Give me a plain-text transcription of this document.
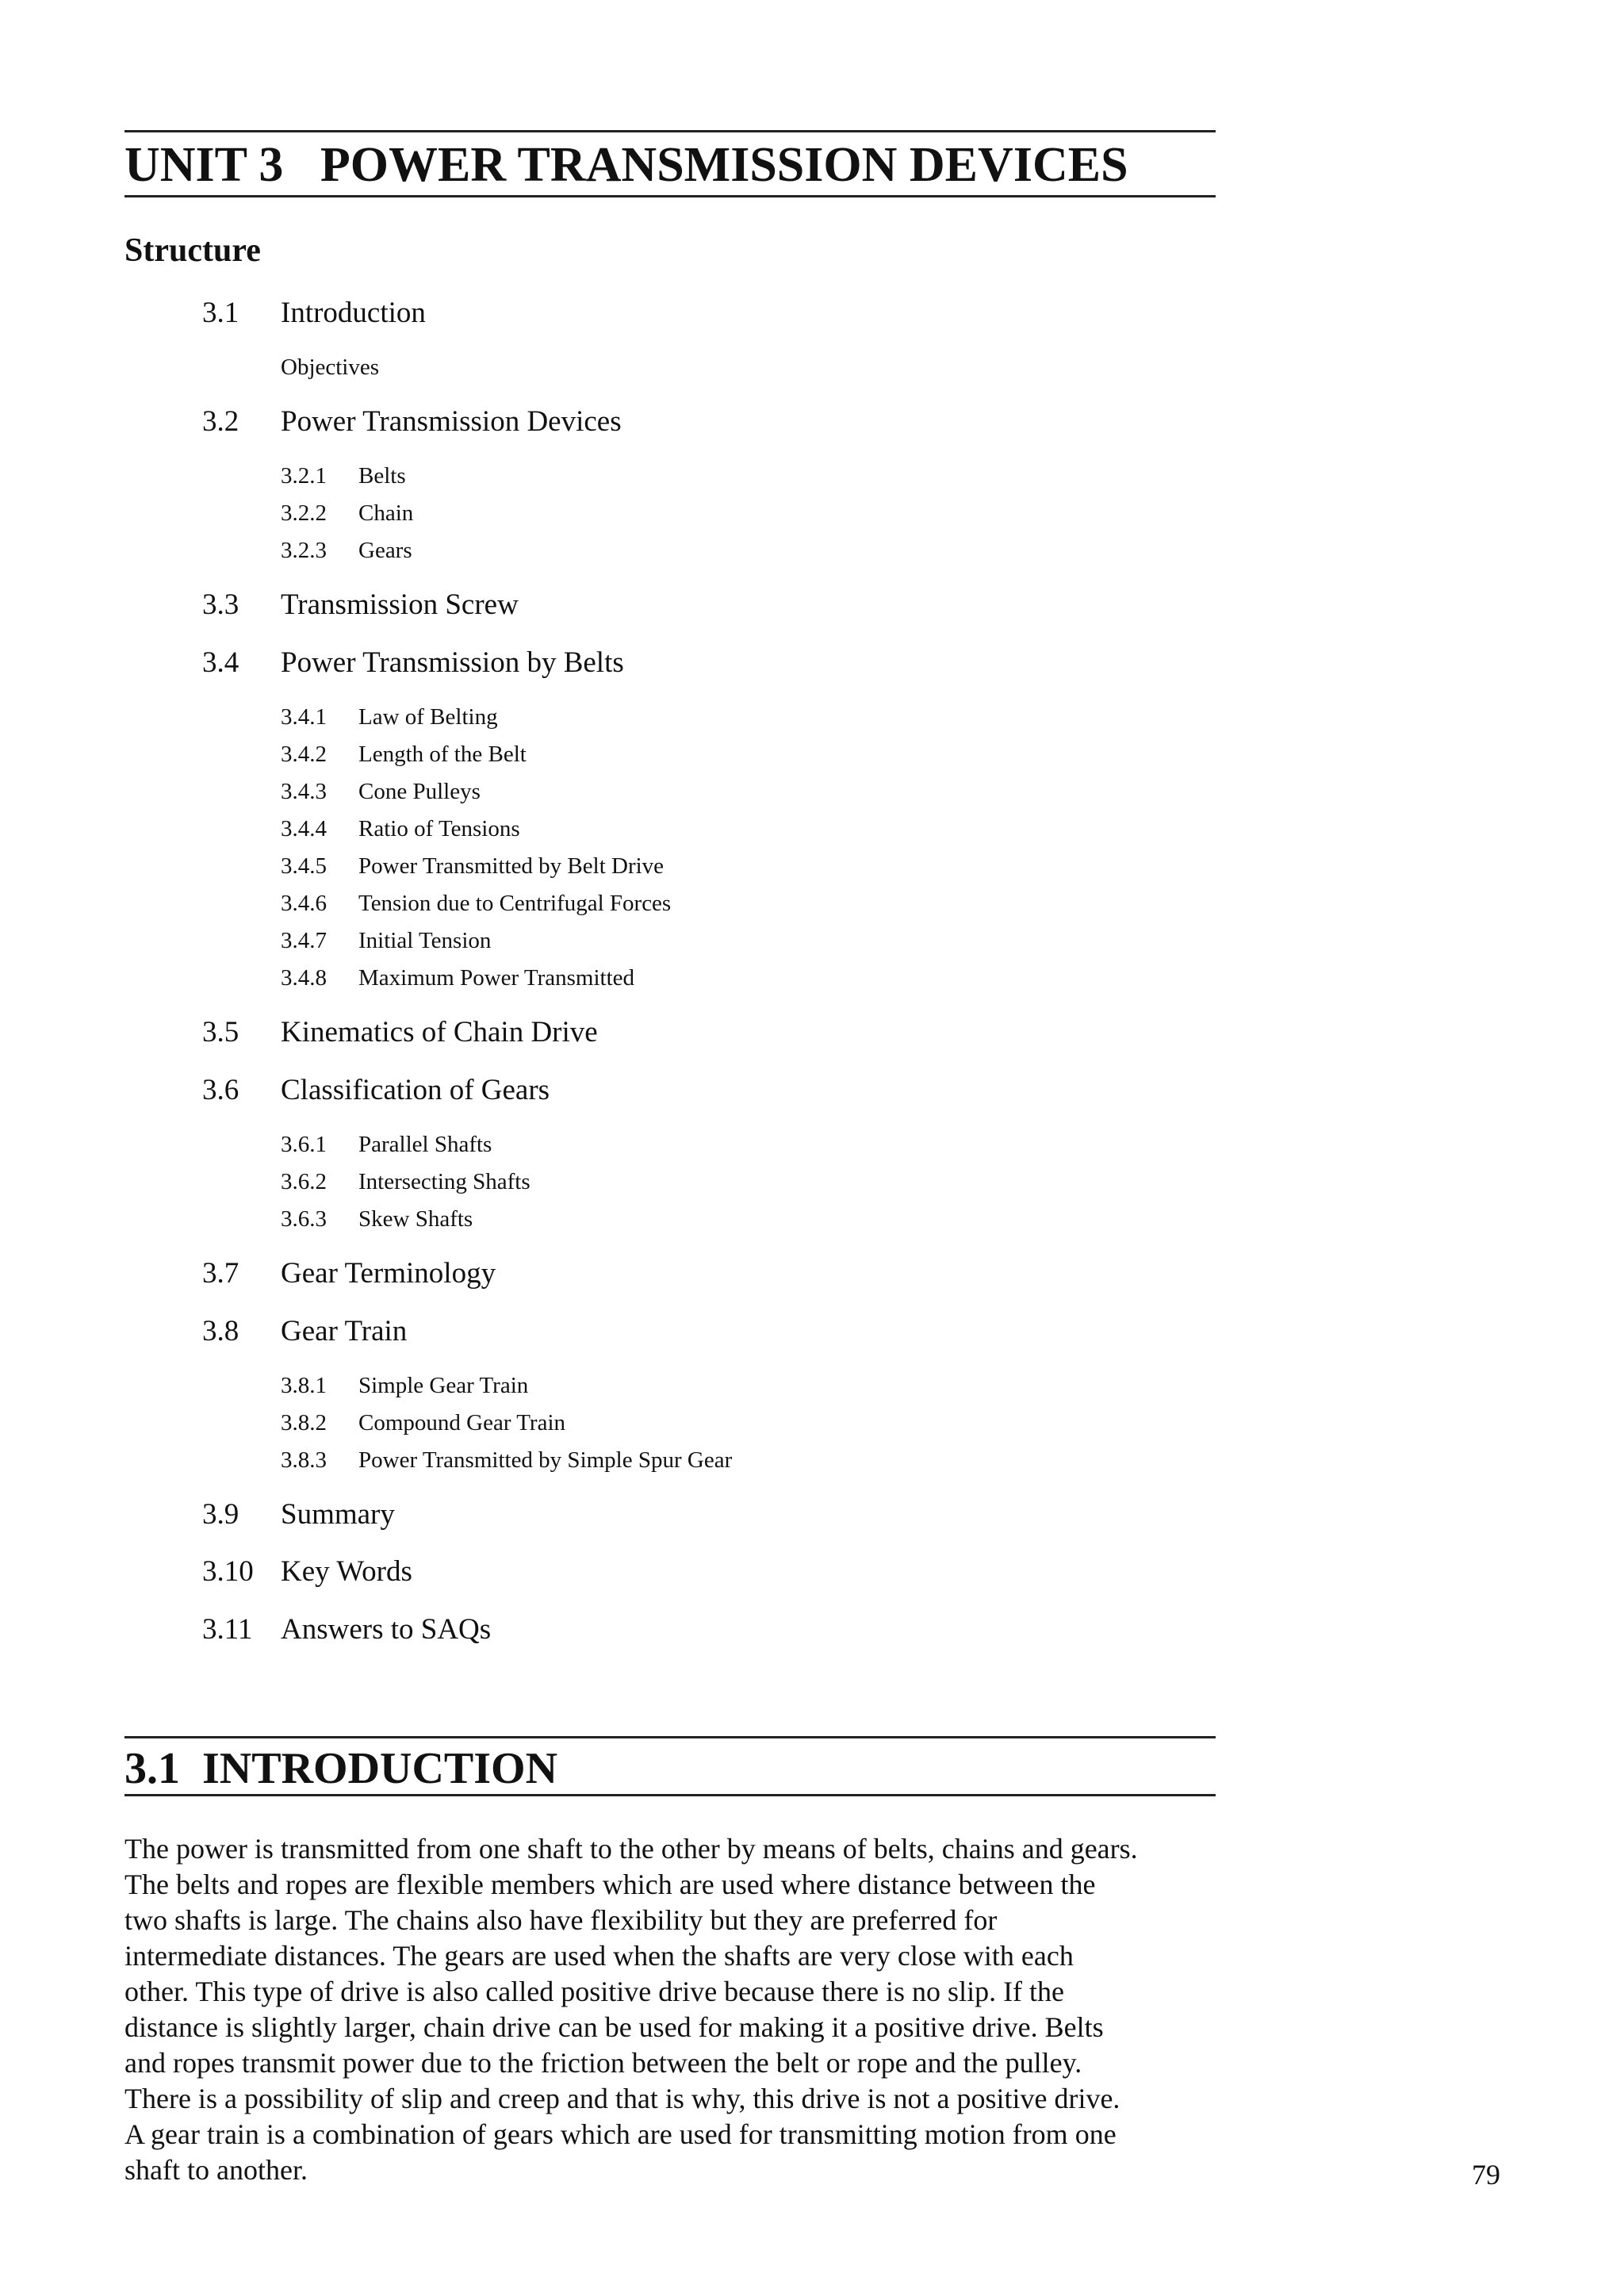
UNIT 3   POWER TRANSMISSION DEVICES
Structure
3.1 Introduction
Objectives
3.2 Power Transmission Devices
3.2.1 Belts
3.2.2 Chain
3.2.3 Gears
3.3 Transmission Screw
3.4 Power Transmission by Belts
3.4.1 Law of Belting
3.4.2 Length of the Belt
3.4.3 Cone Pulleys
3.4.4 Ratio of Tensions
3.4.5 Power Transmitted by Belt Drive
3.4.6 Tension due to Centrifugal Forces
3.4.7 Initial Tension
3.4.8 Maximum Power Transmitted
3.5 Kinematics of Chain Drive
3.6 Classification of Gears
3.6.1 Parallel Shafts
3.6.2 Intersecting Shafts
3.6.3 Skew Shafts
3.7 Gear Terminology
3.8 Gear Train
3.8.1 Simple Gear Train
3.8.2 Compound Gear Train
3.8.3 Power Transmitted by Simple Spur Gear
3.9 Summary
3.10 Key Words
3.11 Answers to SAQs
3.1  INTRODUCTION

The power is transmitted from one shaft to the other by means of belts, chains and gears.
The belts and ropes are flexible members which are used where distance between the
two shafts is large. The chains also have flexibility but they are preferred for
intermediate distances. The gears are used when the shafts are very close with each
other. This type of drive is also called positive drive because there is no slip. If the
distance is slightly larger, chain drive can be used for making it a positive drive. Belts
and ropes transmit power due to the friction between the belt or rope and the pulley.
There is a possibility of slip and creep and that is why, this drive is not a positive drive.
A gear train is a combination of gears which are used for transmitting motion from one
shaft to another.	79
